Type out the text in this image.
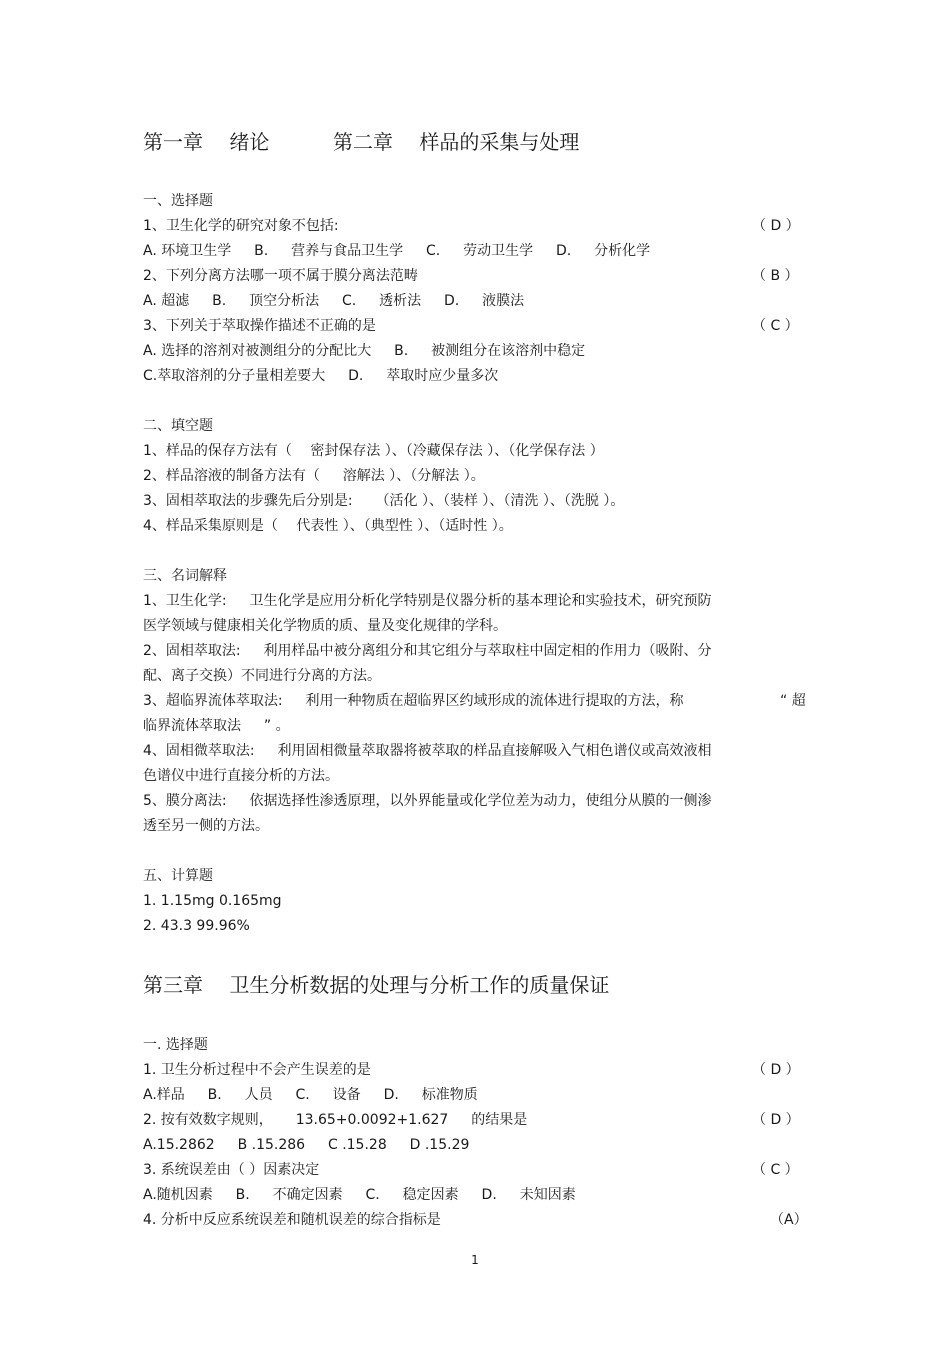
第一章 　绪论	第二章 　样品的采集与处理
一、选择题
1、卫生化学的研究对象不包括:	（ D ）
A. 环境卫生学 　 B. 　 营养与食品卫生学 　 C. 　 劳动卫生学 　 D. 　 分析化学
2、下列分离方法哪一项不属于膜分离法范畴	（ B ）
A. 超滤 　 B. 　 顶空分析法 　 C. 　 透析法 　 D. 　 液膜法
3、下列关于萃取操作描述不正确的是	（ C ）
A. 选择的溶剂对被测组分的分配比大 　 B. 　 被测组分在该溶剂中稳定
C.萃取溶剂的分子量相差要大 　 D. 　 萃取时应少量多次
二、填空题
1、样品的保存方法有（ 　密封保存法 ）、（冷藏保存法 ）、（化学保存法 ）
2、样品溶液的制备方法有（ 　 溶解法 ）、（分解法 ）。
3、固相萃取法的步骤先后分别是: 　 （活化 ）、（装样 ）、（清洗 ）、（洗脱 ）。
4、样品采集原则是（ 　代表性 ）、（典型性 ）、（适时性 ）。
三、名词解释
1、卫生化学: 　 卫生化学是应用分析化学特别是仪器分析的基本理论和实验技术，研究预防
医学领域与健康相关化学物质的质、量及变化规律的学科。
2、固相萃取法: 　 利用样品中被分离组分和其它组分与萃取柱中固定相的作用力（吸附、分
配、离子交换）不同进行分离的方法。
3、超临界流体萃取法: 　 利用一种物质在超临界区约域形成的流体进行提取的方法，称	“ 超
临界流体萃取法 　 ” 。
4、固相微萃取法: 　 利用固相微量萃取器将被萃取的样品直接解吸入气相色谱仪或高效液相
色谱仪中进行直接分析的方法。
5、膜分离法: 　 依据选择性渗透原理，以外界能量或化学位差为动力，使组分从膜的一侧渗
透至另一侧的方法。
五、计算题
1. 1.15mg 0.165mg
2. 43.3 99.96%
第三章 　卫生分析数据的处理与分析工作的质量保证
一. 选择题
1. 卫生分析过程中不会产生误差的是	（ D ）
A.样品 　 B. 　 人员 　 C. 　 设备 　 D. 　 标准物质
2. 按有效数字规则， 　 13.65+0.0092+1.627 　 的结果是	（ D ）
A.15.2862 　 B .15.286 　 C .15.28 　 D .15.29
3. 系统误差由（ ）因素决定	（ C ）
A.随机因素 　 B. 　 不确定因素 　 C. 　 稳定因素 　 D. 　 未知因素
4. 分析中反应系统误差和随机误差的综合指标是	（A）
1
